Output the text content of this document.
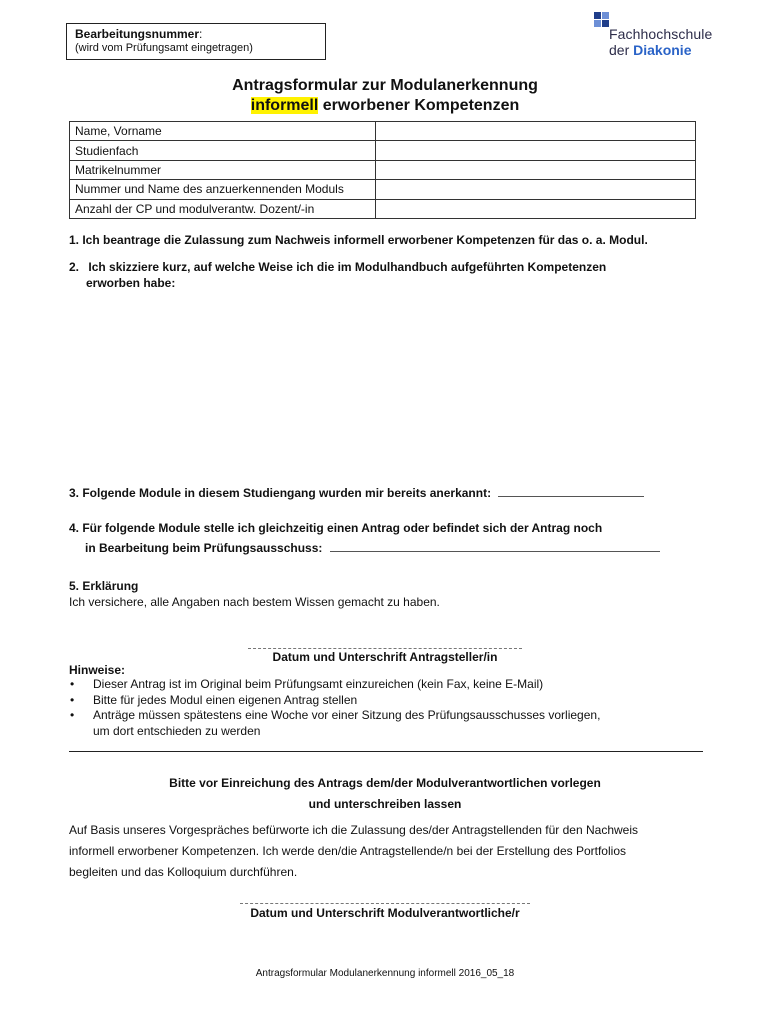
Bearbeitungsnummer:
(wird vom Prüfungsamt eingetragen)
Fachhochschule
der Diakonie
Antragsformular zur Modulanerkennung
informell erworbener Kompetenzen
Name, Vorname	
Studienfach	
Matrikelnummer	
Nummer und Name des anzuerkennenden Moduls	
Anzahl der CP und modulverantw. Dozent/-in	
1. Ich beantrage die Zulassung zum Nachweis informell erworbener Kompetenzen für das o. a. Modul.
2. Ich skizziere kurz, auf welche Weise ich die im Modulhandbuch aufgeführten Kompetenzen
erworben habe:
3. Folgende Module in diesem Studiengang wurden mir bereits anerkannt:
4. Für folgende Module stelle ich gleichzeitig einen Antrag oder befindet sich der Antrag noch
in Bearbeitung beim Prüfungsausschuss:
5. Erklärung
Ich versichere, alle Angaben nach bestem Wissen gemacht zu haben.
Datum und Unterschrift Antragsteller/in
Hinweise:
• Dieser Antrag ist im Original beim Prüfungsamt einzureichen (kein Fax, keine E-Mail)
• Bitte für jedes Modul einen eigenen Antrag stellen
• Anträge müssen spätestens eine Woche vor einer Sitzung des Prüfungsausschusses vorliegen,
um dort entschieden zu werden
Bitte vor Einreichung des Antrags dem/der Modulverantwortlichen vorlegen
und unterschreiben lassen
Auf Basis unseres Vorgespräches befürworte ich die Zulassung des/der Antragstellenden für den Nachweis
informell erworbener Kompetenzen. Ich werde den/die Antragstellende/n bei der Erstellung des Portfolios
begleiten und das Kolloquium durchführen.
Datum und Unterschrift Modulverantwortliche/r
Antragsformular Modulanerkennung informell 2016_05_18
